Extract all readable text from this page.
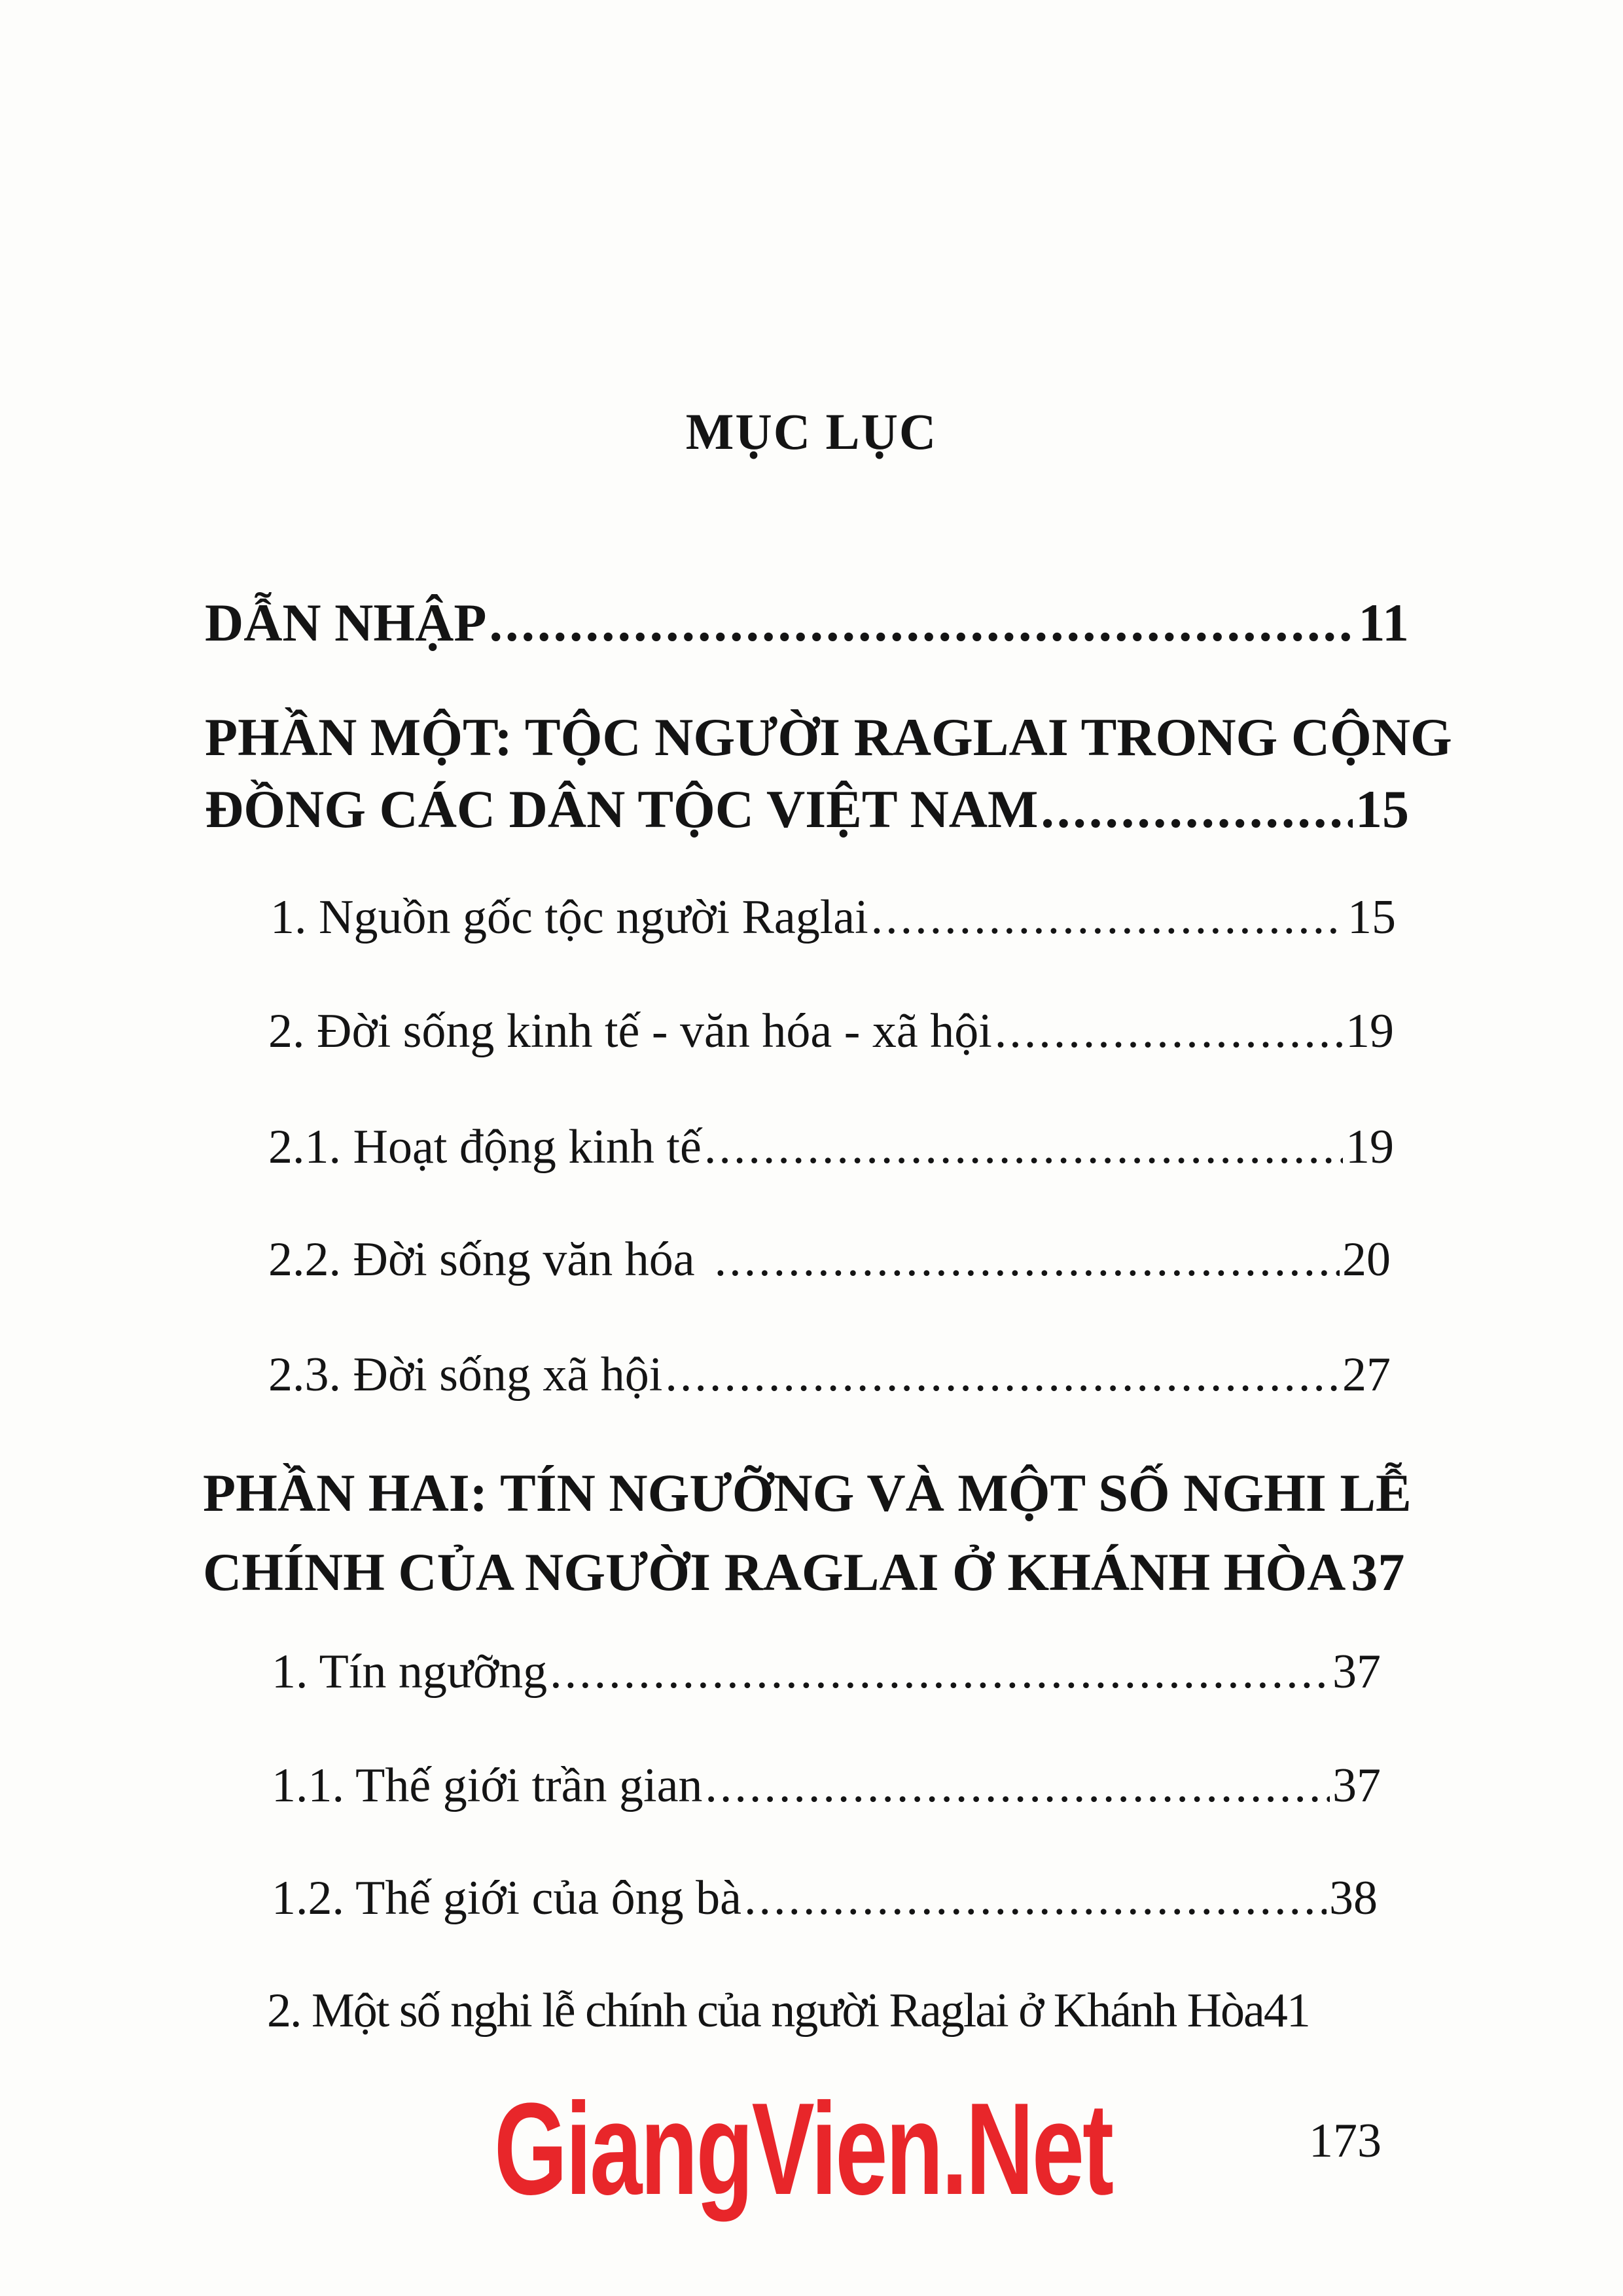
MỤC LỤC
DẪN NHẬP .....	11
PHẦN MỘT: TỘC NGƯỜI RAGLAI TRONG CỘNG
ĐỒNG CÁC DÂN TỘC VIỆT NAM .....	15
1. Nguồn gốc tộc người Raglai .....	15
2. Đời sống kinh tế - văn hóa - xã hội .....	19
2.1. Hoạt động kinh tế .....	19
2.2. Đời sống văn hóa .....	20
2.3. Đời sống xã hội .....	27
PHẦN HAI: TÍN NGƯỠNG VÀ MỘT SỐ NGHI LỄ
CHÍNH CỦA NGƯỜI RAGLAI Ở KHÁNH HÒA 37
1. Tín ngưỡng .....	37
1.1. Thế giới trần gian .....	37
1.2. Thế giới của ông bà .....	38
2. Một số nghi lễ chính của người Raglai ở Khánh Hòa 41
GiangVien.Net	173
